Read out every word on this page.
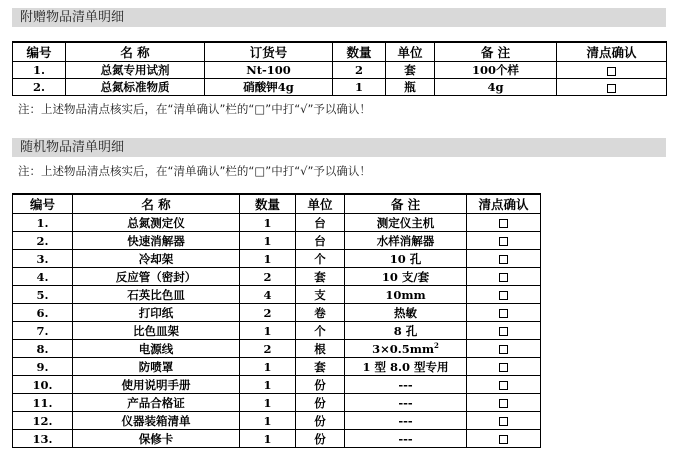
附赠物品清单明细
编号	名 称	订货号	数量	单位	备 注	清点确认
1.	总氮专用试剂	Nt-100	2	套	100个样	
2.	总氮标准物质	硝酸钾4g	1	瓶	4g	
注：上述物品清点核实后，在“清单确认”栏的“□”中打“√”予以确认！
随机物品清单明细
注：上述物品清点核实后，在“清单确认”栏的“□”中打“√”予以确认！
编号	名 称	数量	单位	备 注	清点确认
1.	总氮测定仪	1	台	测定仪主机	
2.	快速消解器	1	台	水样消解器	
3.	冷却架	1	个	10 孔	
4.	反应管（密封）	2	套	10 支/套	
5.	石英比色皿	4	支	10mm	
6.	打印纸	2	卷	热敏	
7.	比色皿架	1	个	8 孔	
8.	电源线	2	根	$3\times 0.5mm^2$	
9.	防喷罩	1	套	1 型 8.0 型专用	
10.	使用说明手册	1	份	---	
11.	产品合格证	1	份	---	
12.	仪器装箱清单	1	份	---	
13.	保修卡	1	份	---	
